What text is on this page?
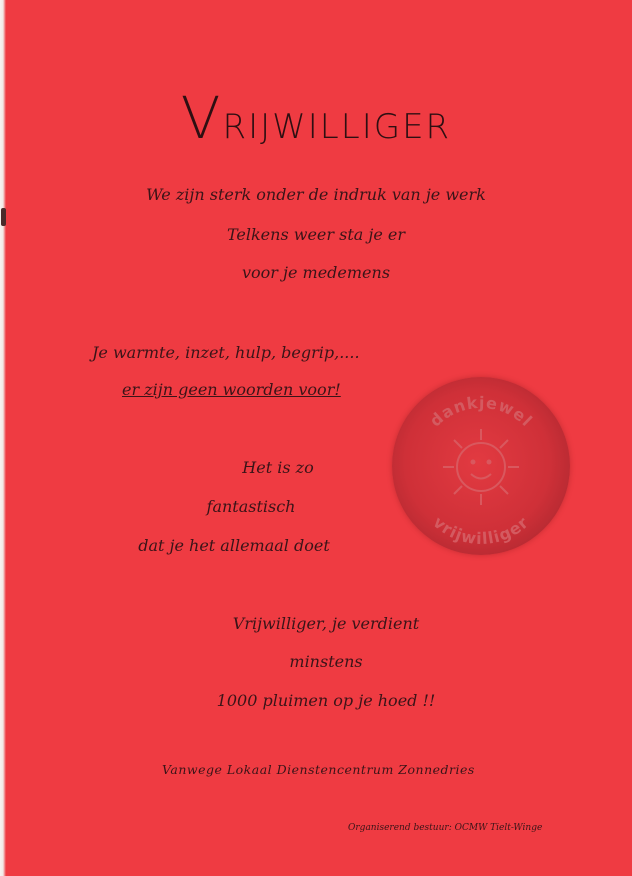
VRIJWILLIGER
We zijn sterk onder de indruk van je werk
Telkens weer sta je er
voor je medemens
Je warmte, inzet, hulp, begrip,....
er zijn geen woorden voor!
Het is zo
fantastisch
dat je het allemaal doet
Vrijwilliger, je verdient
minstens
1000 pluimen op je hoed !!
dankjewel
vrijwilliger
Vanwege Lokaal Dienstencentrum Zonnedries
Organiserend bestuur: OCMW Tielt-Winge
